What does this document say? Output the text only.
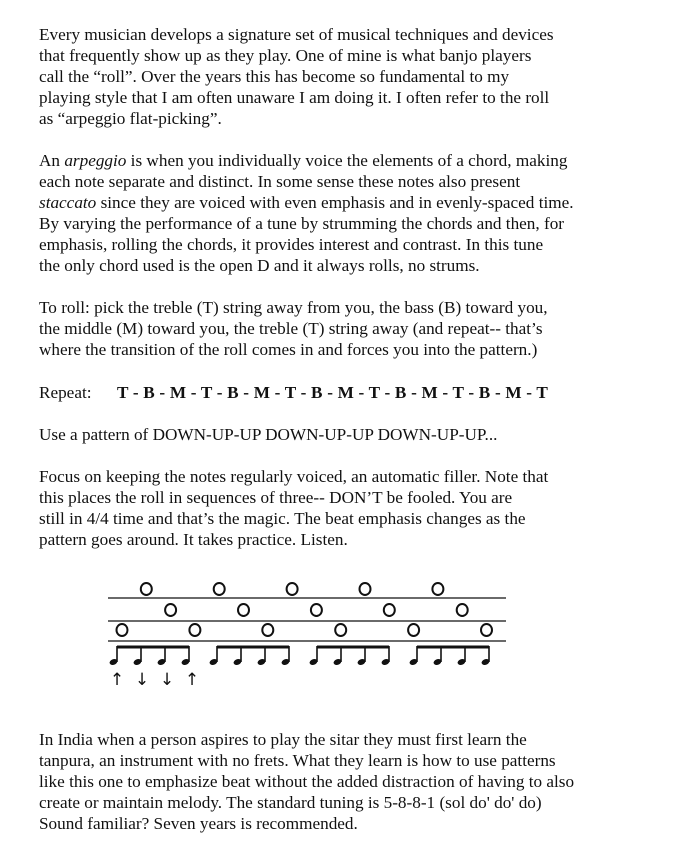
Every musician develops a signature set of musical techniques and devices
that frequently show up as they play. One of mine is what banjo players
call the “roll”. Over the years this has become so fundamental to my
playing style that I am often unaware I am doing it. I often refer to the roll
as “arpeggio flat-picking”.

An arpeggio is when you individually voice the elements of a chord, making
each note separate and distinct. In some sense these notes also present
staccato since they are voiced with even emphasis and in evenly-spaced time.
By varying the performance of a tune by strumming the chords and then, for
emphasis, rolling the chords, it provides interest and contrast. In this tune
the only chord used is the open D and it always rolls, no strums.

To roll: pick the treble (T) string away from you, the bass (B) toward you,
the middle (M) toward you, the treble (T) string away (and repeat-- that’s
where the transition of the roll comes in and forces you into the pattern.)

Repeat: T - B - M - T - B - M - T - B - M - T - B - M - T - B - M - T

Use a pattern of DOWN-UP-UP DOWN-UP-UP DOWN-UP-UP...

Focus on keeping the notes regularly voiced, an automatic filler. Note that
this places the roll in sequences of three-- DON’T be fooled. You are
still in 4/4 time and that’s the magic. The beat emphasis changes as the
pattern goes around. It takes practice. Listen.

↑ ↓ ↓ ↑

In India when a person aspires to play the sitar they must first learn the
tanpura, an instrument with no frets. What they learn is how to use patterns
like this one to emphasize beat without the added distraction of having to also
create or maintain melody. The standard tuning is 5-8-8-1 (sol do' do' do)
Sound familiar? Seven years is recommended.
